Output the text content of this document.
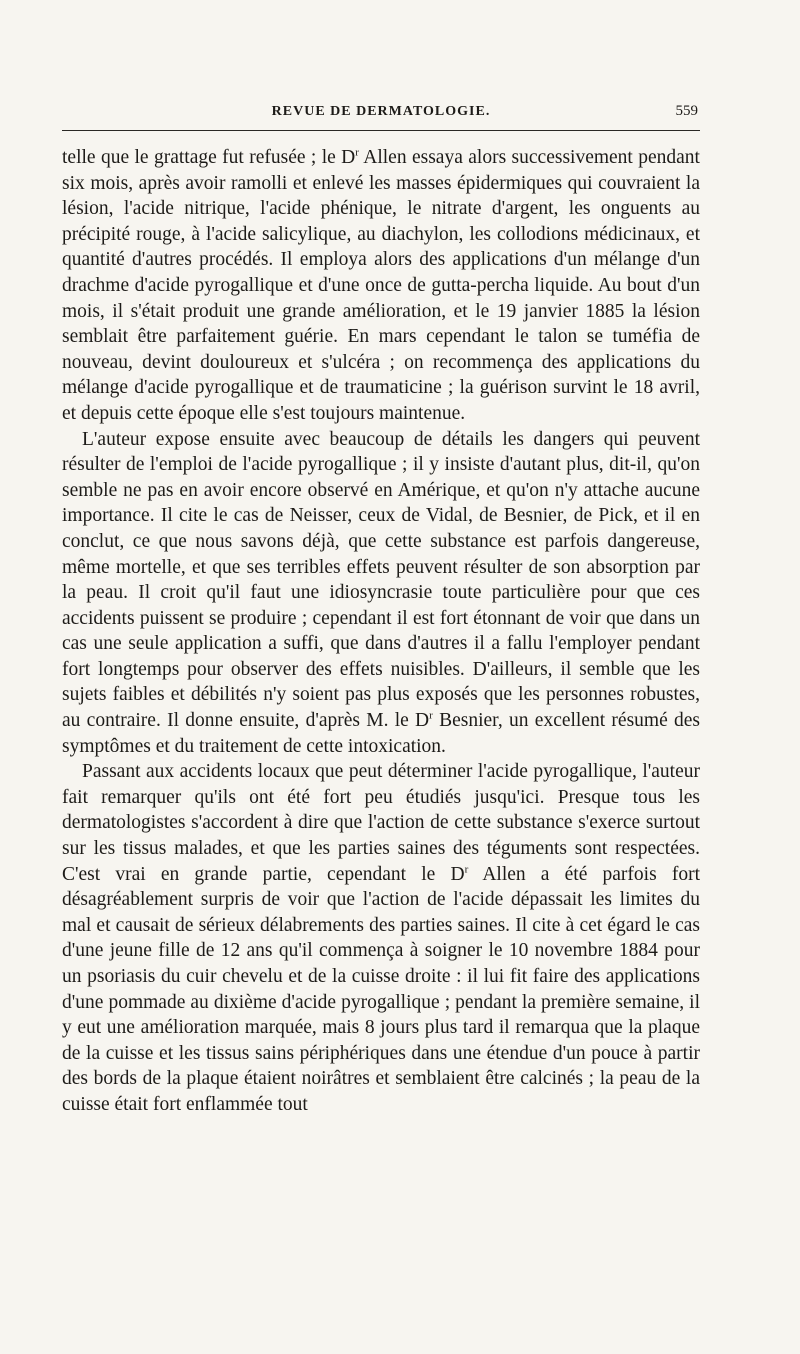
REVUE DE DERMATOLOGIE.	559

telle que le grattage fut refusée ; le $D^r$ Allen essaya alors successivement pendant six mois, après avoir ramolli et enlevé les masses épidermiques qui couvraient la lésion, l'acide nitrique, l'acide phénique, le nitrate d'argent, les onguents au précipité rouge, à l'acide salicylique, au diachylon, les collodions médicinaux, et quantité d'autres procédés. Il employa alors des applications d'un mélange d'un drachme d'acide pyrogallique et d'une once de gutta-percha liquide. Au bout d'un mois, il s'était produit une grande amélioration, et le 19 janvier 1885 la lésion semblait être parfaitement guérie. En mars cependant le talon se tuméfia de nouveau, devint douloureux et s'ulcéra ; on recommença des applications du mélange d'acide pyrogallique et de traumaticine ; la guérison survint le 18 avril, et depuis cette époque elle s'est toujours maintenue.

L'auteur expose ensuite avec beaucoup de détails les dangers qui peuvent résulter de l'emploi de l'acide pyrogallique ; il y insiste d'autant plus, dit-il, qu'on semble ne pas en avoir encore observé en Amérique, et qu'on n'y attache aucune importance. Il cite le cas de Neisser, ceux de Vidal, de Besnier, de Pick, et il en conclut, ce que nous savons déjà, que cette substance est parfois dangereuse, même mortelle, et que ses terribles effets peuvent résulter de son absorption par la peau. Il croit qu'il faut une idiosyncrasie toute particulière pour que ces accidents puissent se produire ; cependant il est fort étonnant de voir que dans un cas une seule application a suffi, que dans d'autres il a fallu l'employer pendant fort longtemps pour observer des effets nuisibles. D'ailleurs, il semble que les sujets faibles et débilités n'y soient pas plus exposés que les personnes robustes, au contraire. Il donne ensuite, d'après M. le $D^r$ Besnier, un excellent résumé des symptômes et du traitement de cette intoxication.

Passant aux accidents locaux que peut déterminer l'acide pyrogallique, l'auteur fait remarquer qu'ils ont été fort peu étudiés jusqu'ici. Presque tous les dermatologistes s'accordent à dire que l'action de cette substance s'exerce surtout sur les tissus malades, et que les parties saines des téguments sont respectées. C'est vrai en grande partie, cependant le $D^r$ Allen a été parfois fort désagréablement surpris de voir que l'action de l'acide dépassait les limites du mal et causait de sérieux délabrements des parties saines. Il cite à cet égard le cas d'une jeune fille de 12 ans qu'il commença à soigner le 10 novembre 1884 pour un psoriasis du cuir chevelu et de la cuisse droite : il lui fit faire des applications d'une pommade au dixième d'acide pyrogallique ; pendant la première semaine, il y eut une amélioration marquée, mais 8 jours plus tard il remarqua que la plaque de la cuisse et les tissus sains périphériques dans une étendue d'un pouce à partir des bords de la plaque étaient noirâtres et semblaient être calcinés ; la peau de la cuisse était fort enflammée tout
